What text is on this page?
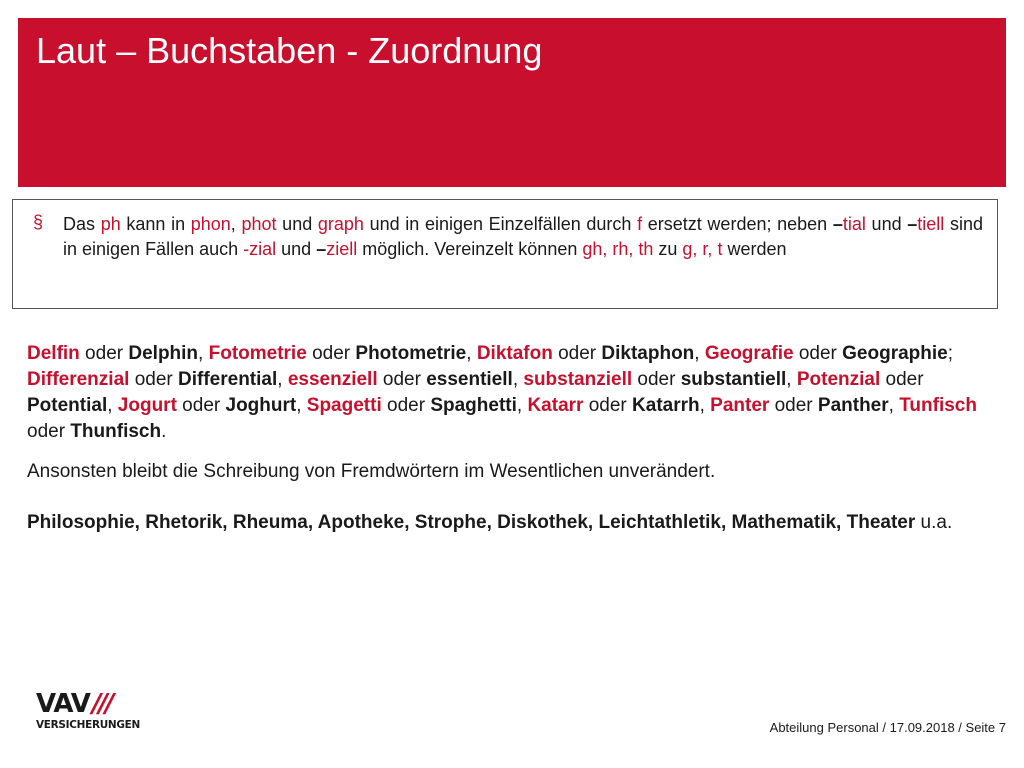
Laut – Buchstaben - Zuordnung
§ Das ph kann in phon, phot und graph und in einigen Einzelfällen durch f ersetzt werden; neben –tial und –tiell sind in einigen Fällen auch -zial und –ziell möglich. Vereinzelt können gh, rh, th zu g, r, t werden
Delfin oder Delphin, Fotometrie oder Photometrie, Diktafon oder Diktaphon, Geografie oder Geographie; Differenzial oder Differential, essenziell oder essentiell, substanziell oder substantiell, Potenzial oder Potential, Jogurt oder Joghurt, Spagetti oder Spaghetti, Katarr oder Katarrh, Panter oder Panther, Tunfisch oder Thunfisch.
Ansonsten bleibt die Schreibung von Fremdwörtern im Wesentlichen unverändert.
Philosophie, Rhetorik, Rheuma, Apotheke, Strophe, Diskothek, Leichtathletik, Mathematik, Theater u.a.
VAV ///
VERSICHERUNGEN	Abteilung Personal / 17.09.2018 / Seite 7
